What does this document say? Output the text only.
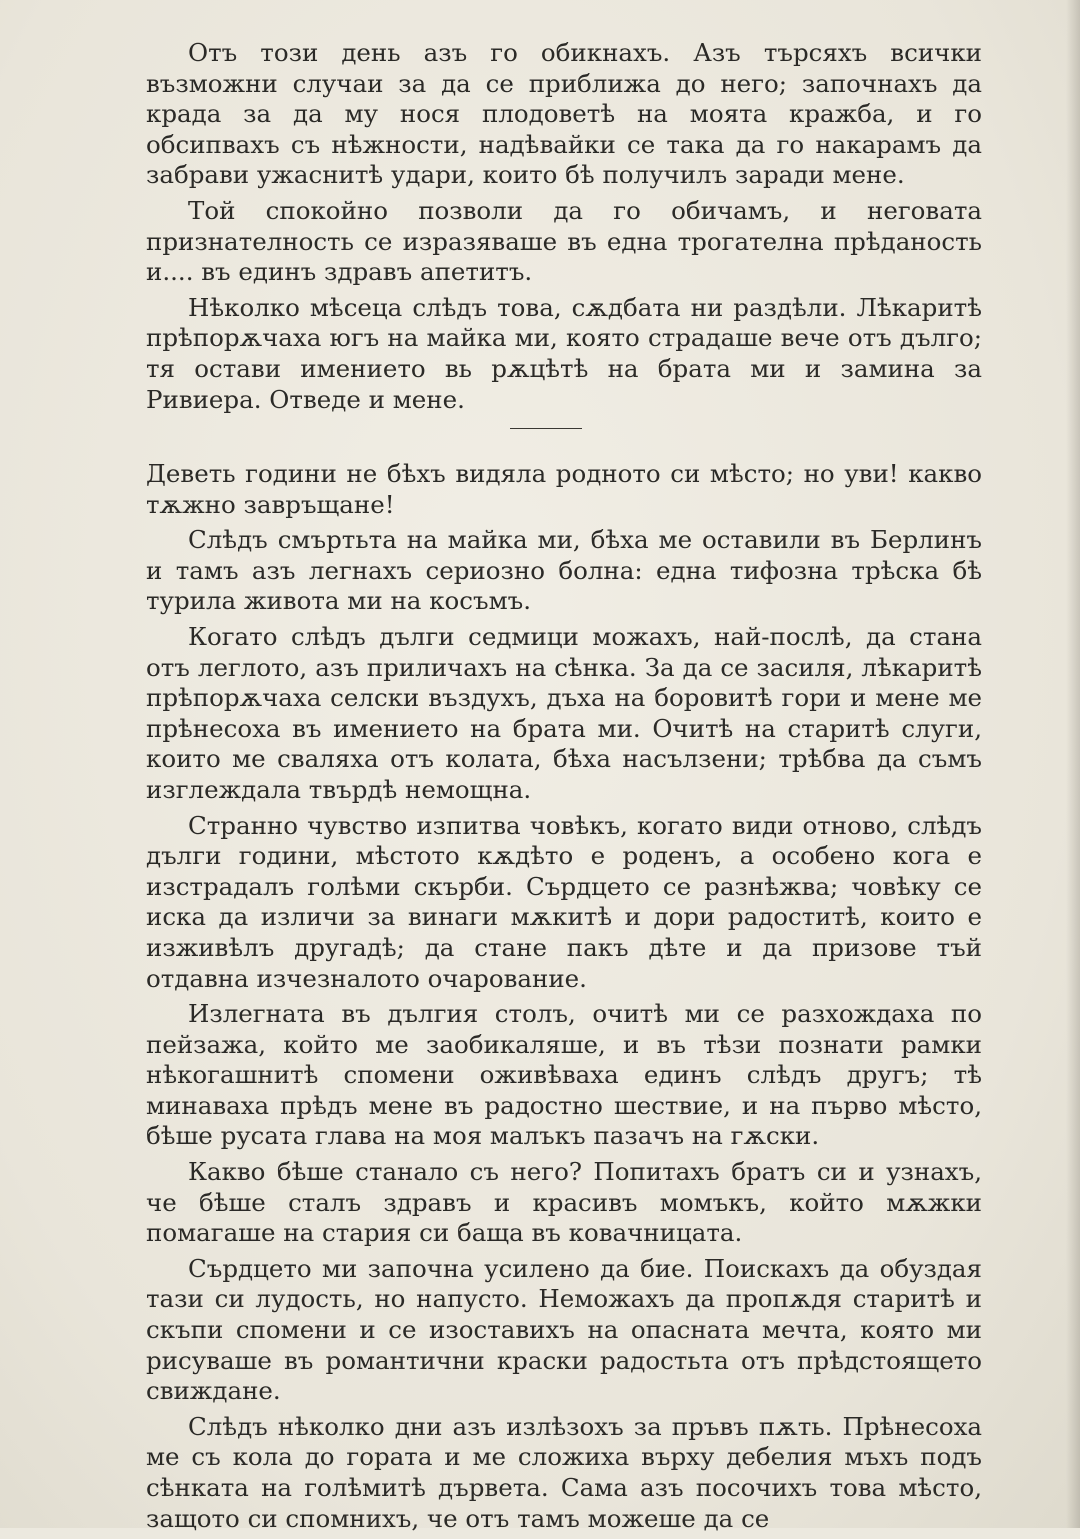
Отъ този день азъ го обикнахъ. Азъ търсяхъ всички възможни случаи за да се приближа до него; започнахъ да крада за да му нося плодоветѣ на моята кражба, и го обсипвахъ съ нѣжности, надѣвайки се така да го накарамъ да забрави ужаснитѣ удари, които бѣ получилъ заради мене.

Той спокойно позволи да го обичамъ, и неговата признателность се изразяваше въ една трогателна прѣданость и.... въ единъ здравъ апетитъ.

Нѣколко мѣсеца слѣдъ това, сѫдбата ни раздѣли. Лѣкаритѣ прѣпорѫчаха югъ на майка ми, която страдаше вече отъ дълго; тя остави имението вь рѫцѣтѣ на брата ми и замина за Ривиера. Отведе и мене.

Деветь години не бѣхъ видяла родното си мѣсто; но уви! какво тѫжно завръщане!

Слѣдъ смъртьта на майка ми, бѣха ме оставили въ Берлинъ и тамъ азъ легнахъ сериозно болна: една тифозна трѣска бѣ турила живота ми на косъмъ.

Когато слѣдъ дълги седмици можахъ, най-послѣ, да стана отъ леглото, азъ приличахъ на сѣнка. За да се засиля, лѣкаритѣ прѣпорѫчаха селски въздухъ, дъха на боровитѣ гори и мене ме прѣнесоха въ имението на брата ми. Очитѣ на старитѣ слуги, които ме сваляха отъ колата, бѣха насълзени; трѣбва да съмъ изглеждала твърдѣ немощна.

Странно чувство изпитва човѣкъ, когато види отново, слѣдъ дълги години, мѣстото кѫдѣто е роденъ, а особено кога е изстрадалъ голѣми скърби. Сърдцето се разнѣжва; човѣку се иска да изличи за винаги мѫкитѣ и дори радоститѣ, които е изживѣлъ другадѣ; да стане пакъ дѣте и да призове тъй отдавна изчезналото очарование.

Излегната въ дългия столъ, очитѣ ми се разхождаха по пейзажа, който ме заобикаляше, и въ тѣзи познати рамки нѣкогашнитѣ спомени оживѣваха единъ слѣдъ другъ; тѣ минаваха прѣдъ мене въ радостно шествие, и на първо мѣсто, бѣше русата глава на моя малъкъ пазачъ на гѫски.

Какво бѣше станало съ него? Попитахъ братъ си и узнахъ, че бѣше сталъ здравъ и красивъ момъкъ, който мѫжки помагаше на стария си баща въ ковачницата.

Сърдцето ми започна усилено да бие. Поискахъ да обуздая тази си лудость, но напусто. Неможахъ да пропѫдя старитѣ и скъпи спомени и се изоставихъ на опасната мечта, която ми рисуваше въ романтични краски радостьта отъ прѣдстоящето свиждане.

Слѣдъ нѣколко дни азъ излѣзохъ за пръвъ пѫть. Прѣнесоха ме съ кола до гората и ме сложиха върху дебелия мъхъ подъ сѣнката на голѣмитѣ дървета. Сама азъ посочихъ това мѣсто, защото си спомнихъ, че отъ тамъ можеше да се
